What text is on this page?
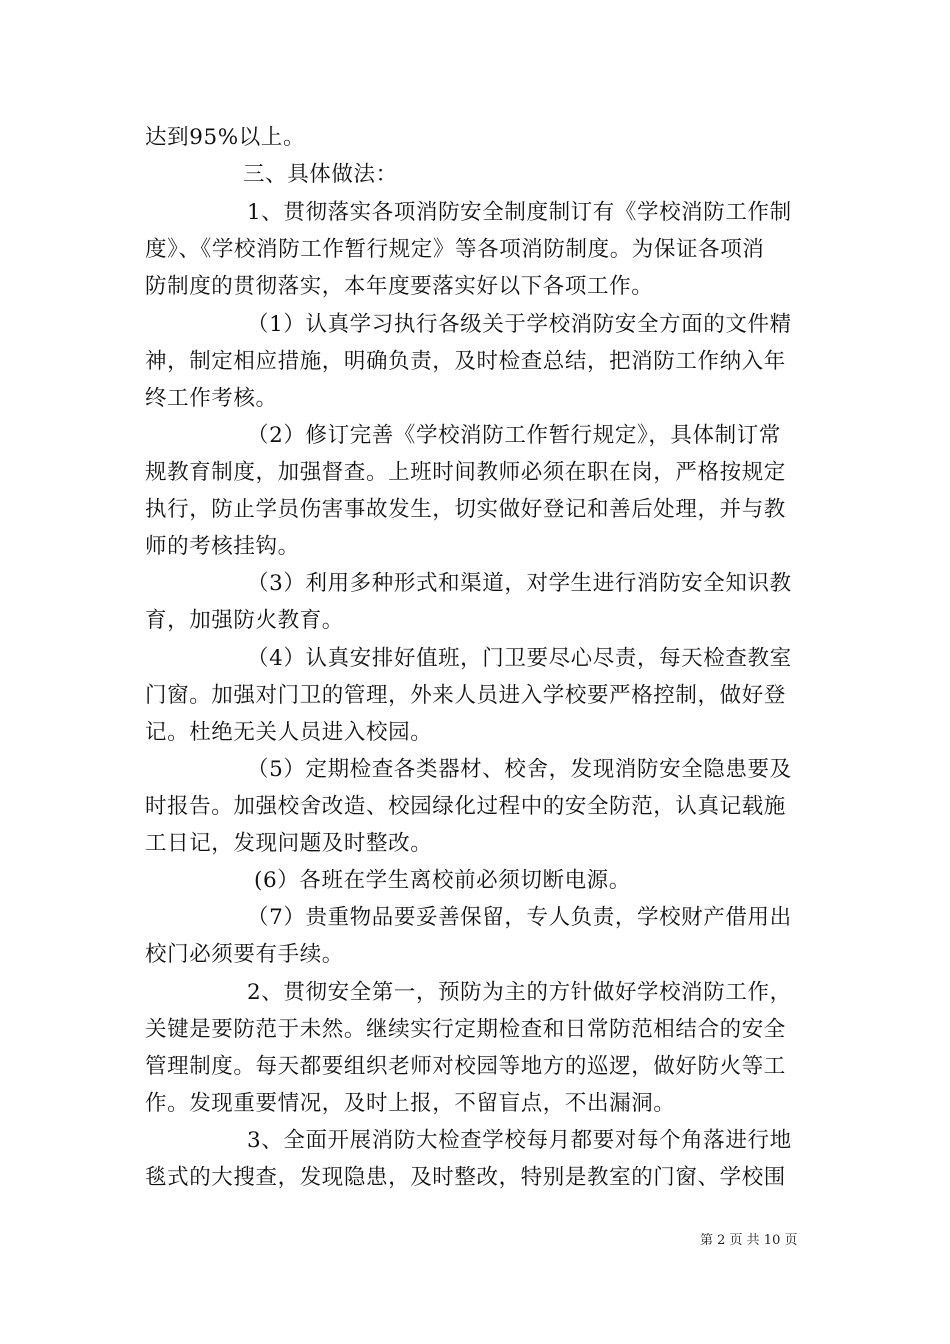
达到95%以上。
三、具体做法：
1、贯彻落实各项消防安全制度制订有《学校消防工作制
度》、《学校消防工作暂行规定》等各项消防制度。为保证各项消
防制度的贯彻落实，本年度要落实好以下各项工作。
（1）认真学习执行各级关于学校消防安全方面的文件精
神，制定相应措施，明确负责，及时检查总结，把消防工作纳入年
终工作考核。
（2）修订完善《学校消防工作暂行规定》，具体制订常
规教育制度，加强督查。上班时间教师必须在职在岗，严格按规定
执行，防止学员伤害事故发生，切实做好登记和善后处理，并与教
师的考核挂钩。
（3）利用多种形式和渠道，对学生进行消防安全知识教
育，加强防火教育。
（4）认真安排好值班，门卫要尽心尽责，每天检查教室
门窗。加强对门卫的管理，外来人员进入学校要严格控制，做好登
记。杜绝无关人员进入校园。
（5）定期检查各类器材、校舍，发现消防安全隐患要及
时报告。加强校舍改造、校园绿化过程中的安全防范，认真记载施
工日记，发现问题及时整改。
(6）各班在学生离校前必须切断电源。
（7）贵重物品要妥善保留，专人负责，学校财产借用出
校门必须要有手续。
2、贯彻安全第一，预防为主的方针做好学校消防工作，
关键是要防范于未然。继续实行定期检查和日常防范相结合的安全
管理制度。每天都要组织老师对校园等地方的巡逻，做好防火等工
作。发现重要情况，及时上报，不留盲点，不出漏洞。
3、全面开展消防大检查学校每月都要对每个角落进行地
毯式的大搜查，发现隐患，及时整改，特别是教室的门窗、学校围
第 2 页 共 10 页
